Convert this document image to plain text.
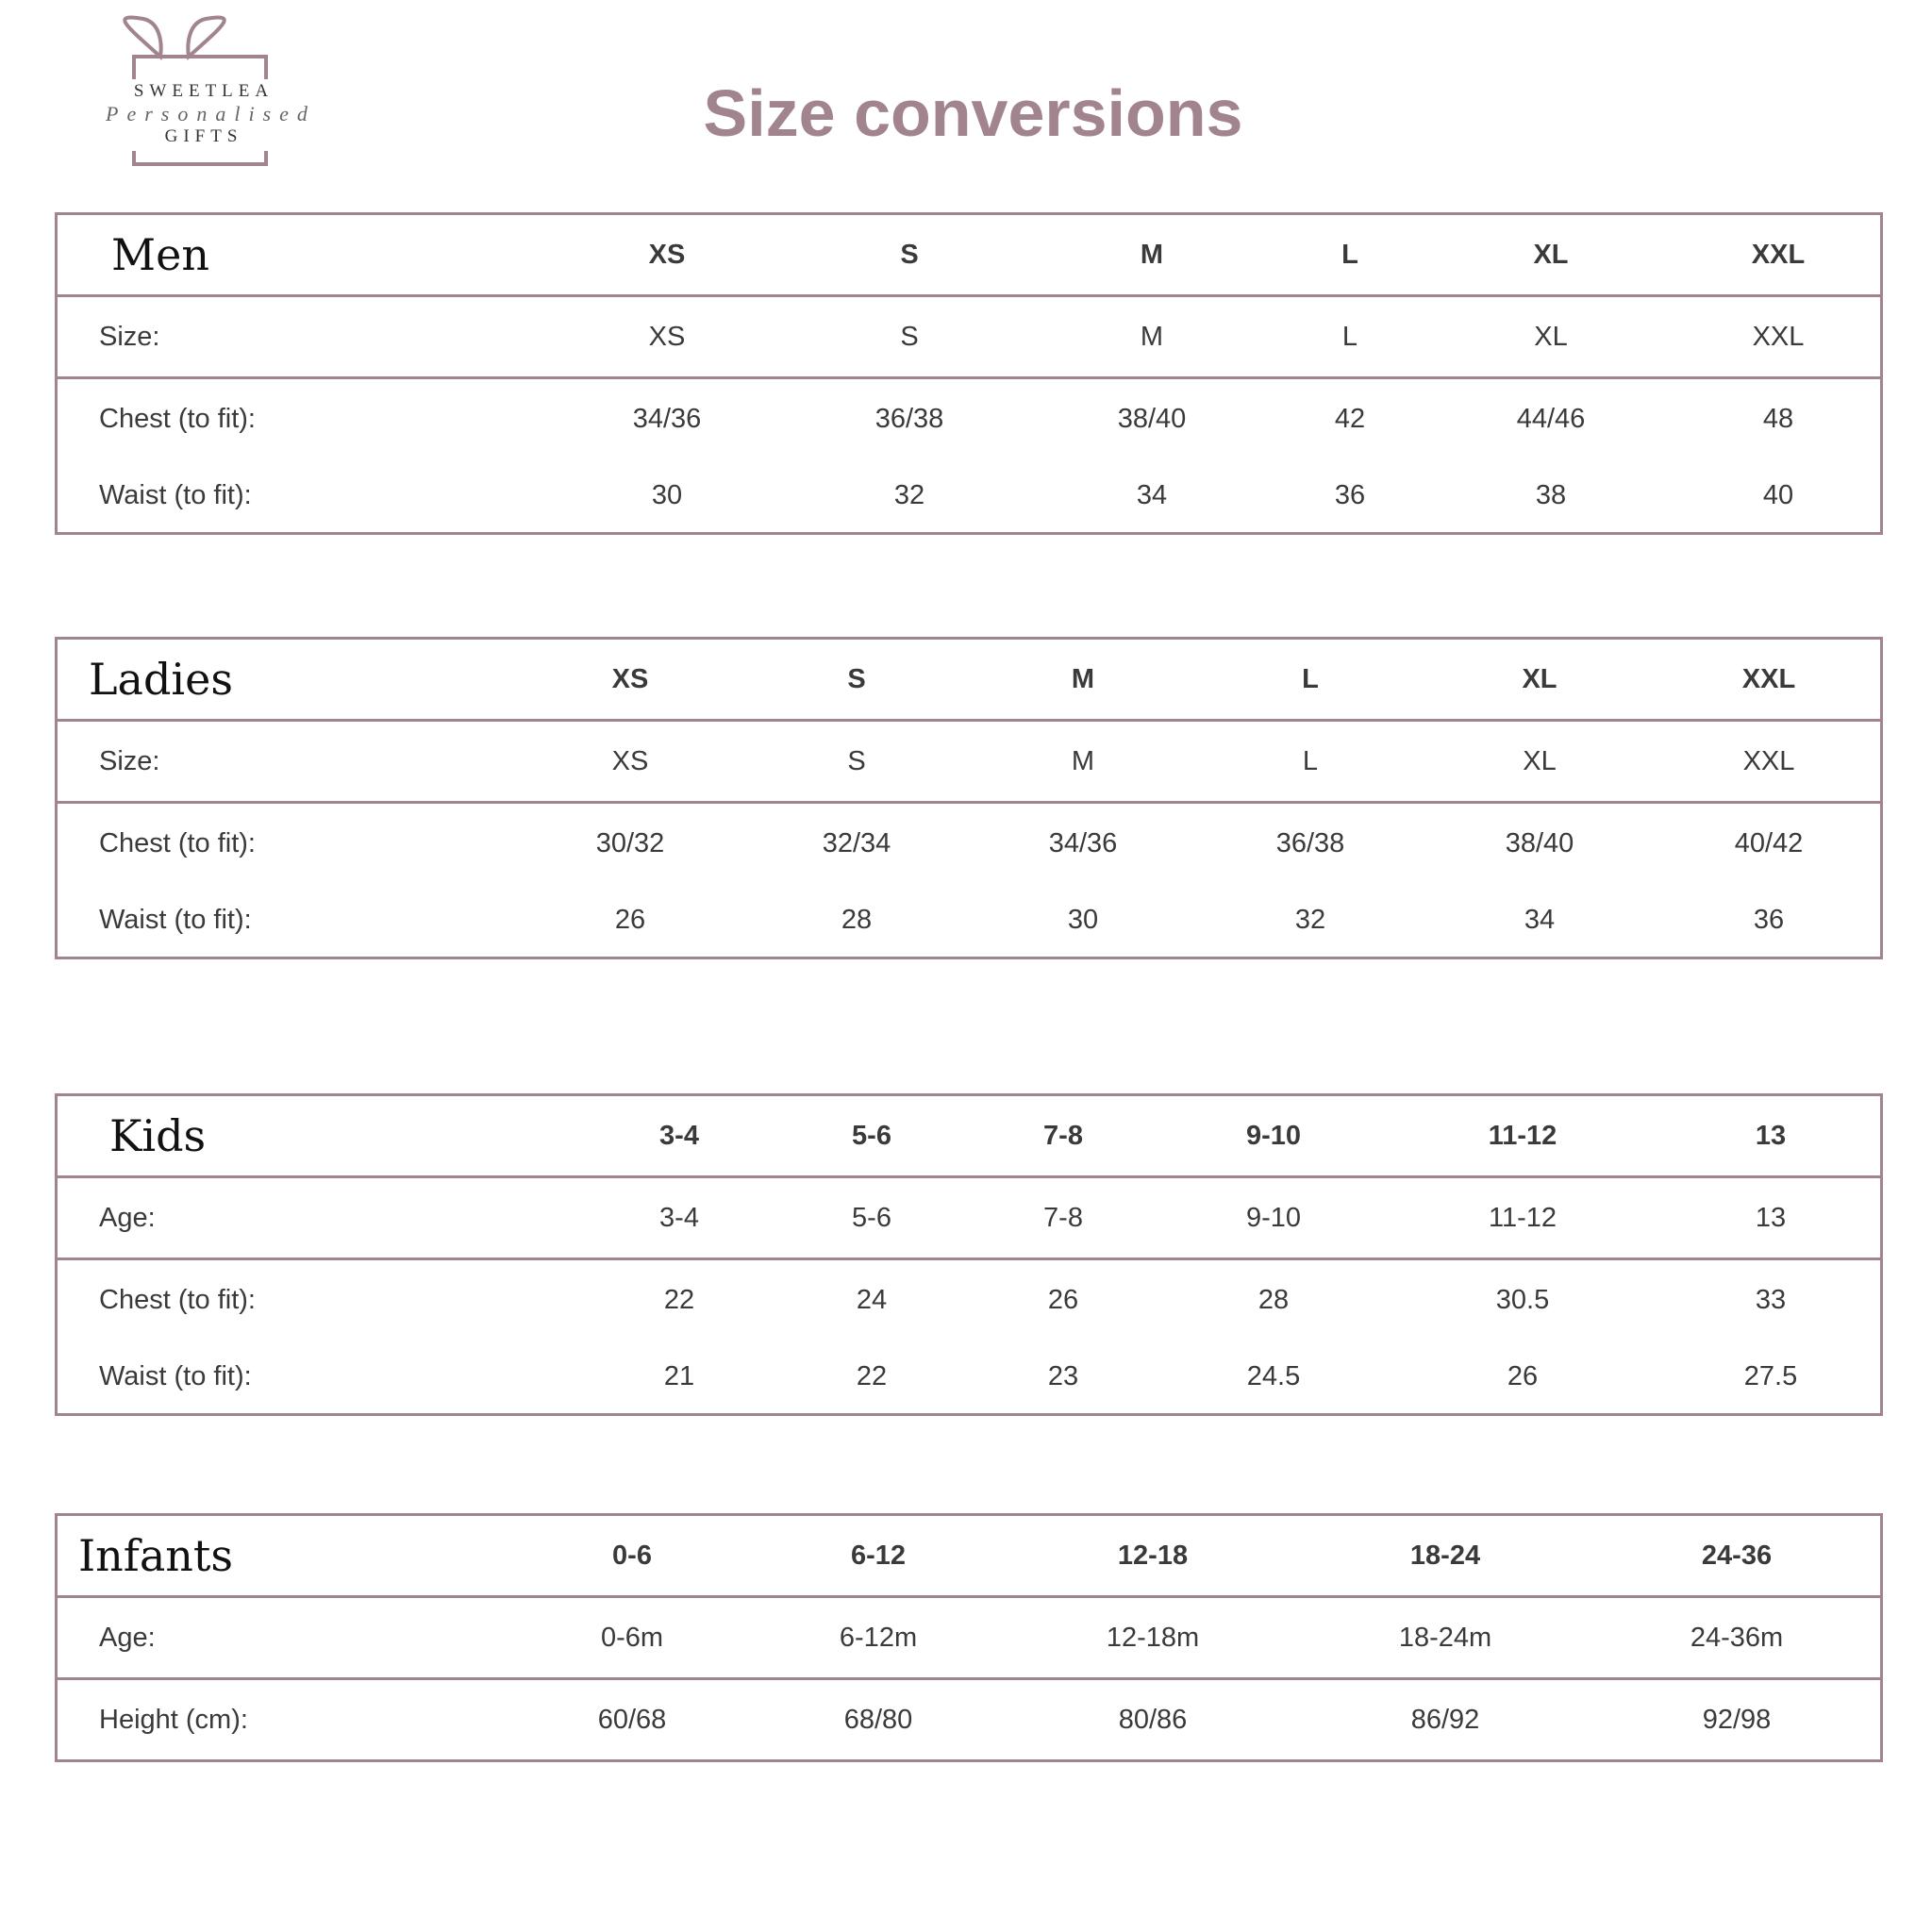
SWEETLEA
Personalised
GIFTS	Size conversions
Men	XS	S	M	L	XL	XXL
Size:	XS	S	M	L	XL	XXL
Chest (to fit):	34/36	36/38	38/40	42	44/46	48
Waist (to fit):	30	32	34	36	38	40
Ladies	XS	S	M	L	XL	XXL
Size:	XS	S	M	L	XL	XXL
Chest (to fit):	30/32	32/34	34/36	36/38	38/40	40/42
Waist (to fit):	26	28	30	32	34	36
Kids	3-4	5-6	7-8	9-10	11-12	13
Age:	3-4	5-6	7-8	9-10	11-12	13
Chest (to fit):	22	24	26	28	30.5	33
Waist (to fit):	21	22	23	24.5	26	27.5
Infants	0-6	6-12	12-18	18-24	24-36
Age:	0-6m	6-12m	12-18m	18-24m	24-36m
Height (cm):	60/68	68/80	80/86	86/92	92/98
